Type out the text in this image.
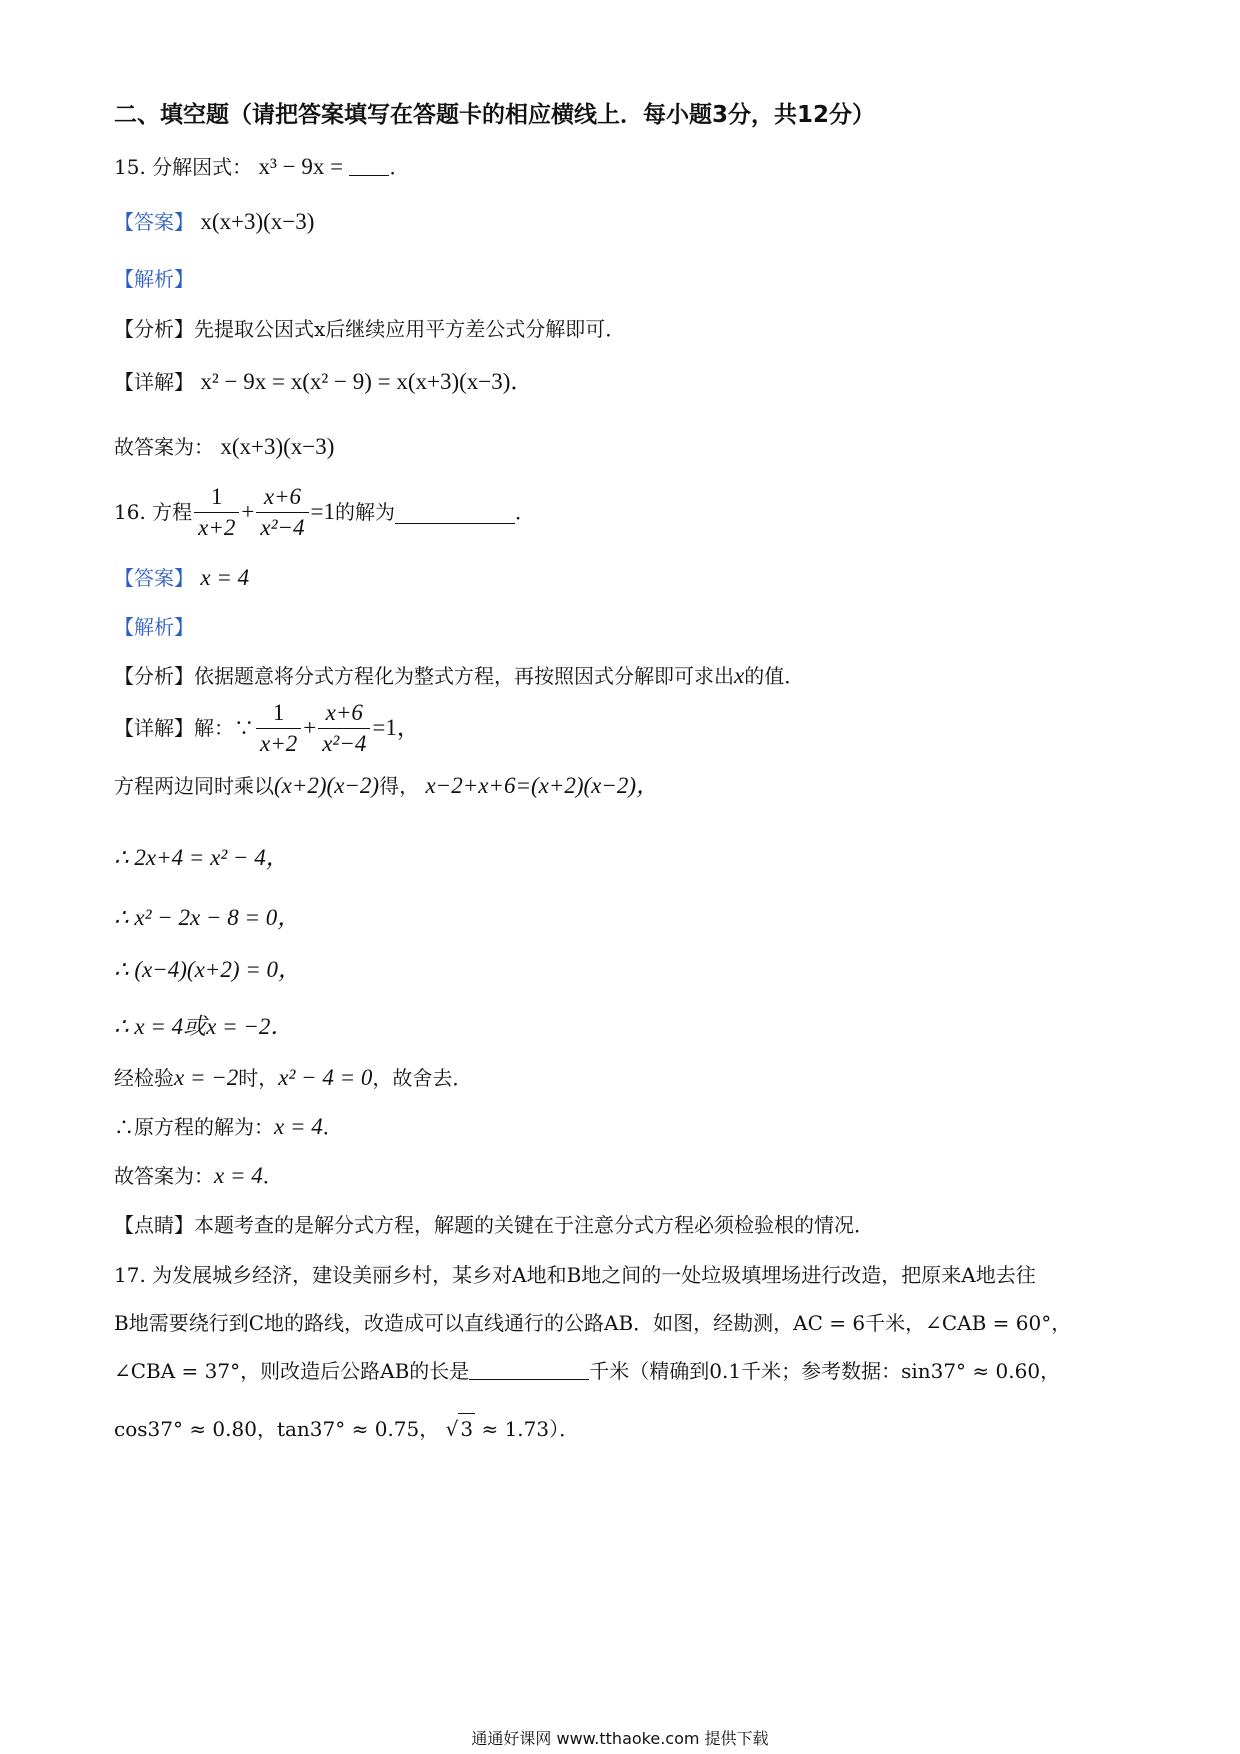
二、填空题（请把答案填写在答题卡的相应横线上．每小题3分，共12分）
15. 分解因式： x³ − 9x = ．
【答案】 x(x+3)(x−3)
【解析】
【分析】先提取公因式x后继续应用平方差公式分解即可．
【详解】 x² − 9x = x(x² − 9) = x(x+3)(x−3)．
故答案为： x(x+3)(x−3)
16. 方程 $\frac{1}{x+2} + \frac{x+6}{\text{x²−4}} =1$ 的解为	．
【答案】 x = 4
【解析】
【分析】依据题意将分式方程化为整式方程，再按照因式分解即可求出x的值．
【详解】 解：∵ $\frac{1}{x+2} + \frac{x+6}{\text{x²−4}} =1$，
方程两边同时乘以(x+2)(x−2)得， x−2+x+6=(x+2)(x−2)，
∴ 2x+4 = x² − 4，
∴ x² − 2x − 8 = 0，
∴ (x−4)(x+2) = 0，
∴ x = 4或x = −2．
经检验x = −2时，x² − 4 = 0，故舍去．
∴原方程的解为：x = 4．
故答案为：x = 4．
【点睛】本题考查的是解分式方程，解题的关键在于注意分式方程必须检验根的情况．
17. 为发展城乡经济，建设美丽乡村，某乡对A地和B地之间的一处垃圾填埋场进行改造，把原来A地去往
B地需要绕行到C地的路线，改造成可以直线通行的公路AB．如图，经勘测，AC = 6千米，∠CAB = 60°，
∠CBA = 37°，则改造后公路AB的长是	千米（精确到0.1千米；参考数据：sin37° ≈ 0.60，
cos37° ≈ 0.80，tan37° ≈ 0.75， √ 3 ≈ 1.73）．
通通好课网 www.tthaoke.com 提供下载
